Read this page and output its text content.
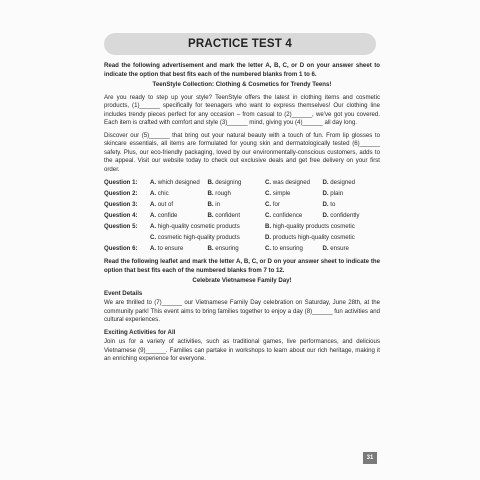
PRACTICE TEST 4

Read the following advertisement and mark the letter A, B, C, or D on your answer sheet to indicate the option that best fits each of the numbered blanks from 1 to 6.

TeenStyle Collection: Clothing & Cosmetics for Trendy Teens!

Are you ready to step up your style? TeenStyle offers the latest in clothing items and cosmetic products, (1)______ specifically for teenagers who want to express themselves! Our clothing line includes trendy pieces perfect for any occasion – from casual to (2)______, we've got you covered. Each item is crafted with comfort and style (3)______ mind, giving you (4)______ all day long.

Discover our (5)______ that bring out your natural beauty with a touch of fun. From lip glosses to skincare essentials, all items are formulated for young skin and dermatologically tested (6)______ safety. Plus, our eco-friendly packaging, loved by our environmentally-conscious customers, adds to the appeal. Visit our website today to check out exclusive deals and get free delivery on your first order.

Question 1:	A. which designed	B. designing	C. was designed	D. designed
Question 2:	A. chic	B. rough	C. simple	D. plain
Question 3:	A. out of	B. in	C. for	D. to
Question 4:	A. confide	B. confident	C. confidence	D. confidently
Question 5:	A. high-quality cosmetic products	B. high-quality products cosmetic
C. cosmetic high-quality products	D. products high-quality cosmetic
Question 6:	A. to ensure	B. ensuring	C. to ensuring	D. ensure

Read the following leaflet and mark the letter A, B, C, or D on your answer sheet to indicate the option that best fits each of the numbered blanks from 7 to 12.

Celebrate Vietnamese Family Day!

Event Details

We are thrilled to (7)______ our Vietnamese Family Day celebration on Saturday, June 28th, at the community park! This event aims to bring families together to enjoy a day (8)______ fun activities and cultural experiences.

Exciting Activities for All

Join us for a variety of activities, such as traditional games, live performances, and delicious Vietnamese (9)______. Families can partake in workshops to learn about our rich heritage, making it an enriching experience for everyone.

31
